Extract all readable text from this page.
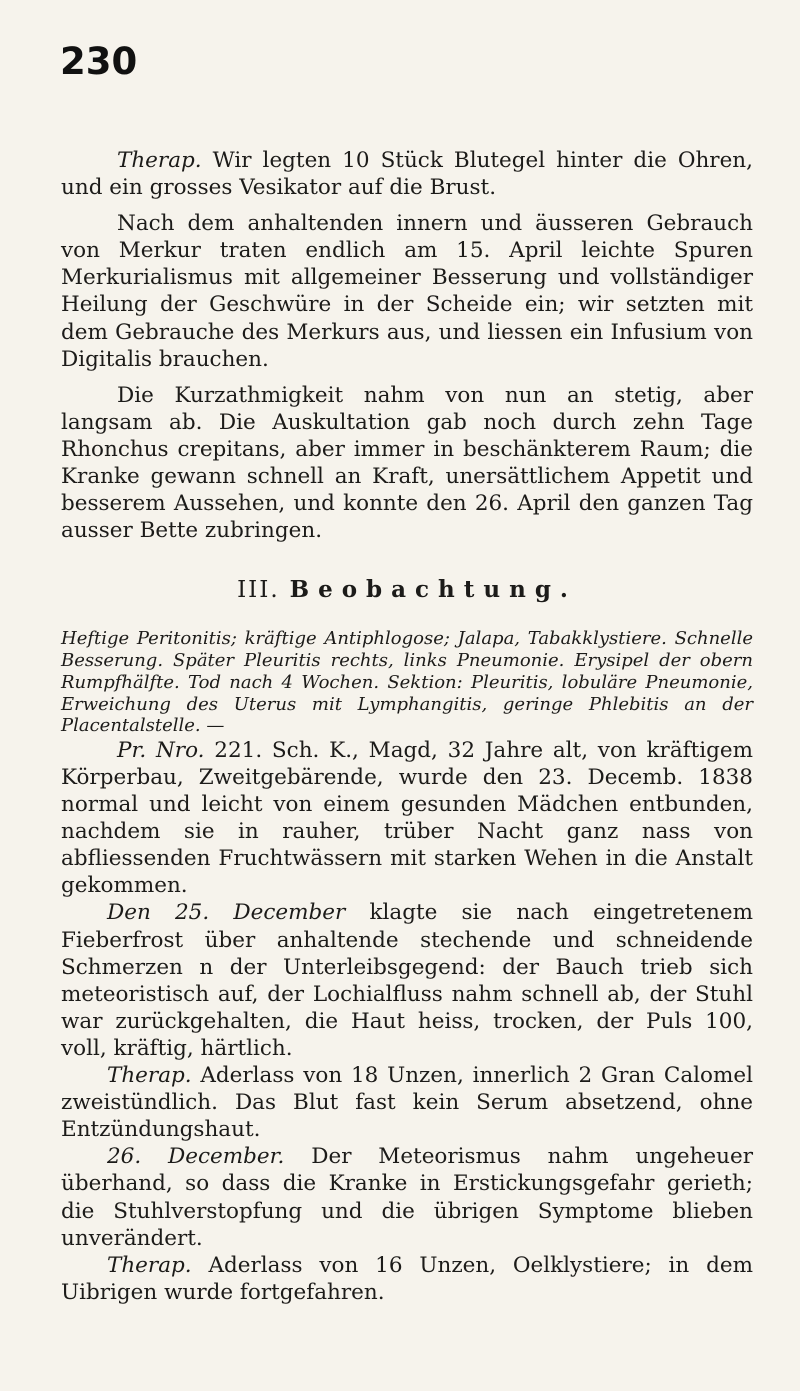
230

Therap. Wir legten 10 Stück Blutegel hinter die Ohren, und ein grosses Vesikator auf die Brust.

Nach dem anhaltenden innern und äusseren Gebrauch von Merkur traten endlich am 15. April leichte Spuren Merkurialismus mit allgemeiner Besserung und vollständiger Heilung der Geschwüre in der Scheide ein; wir setzten mit dem Gebrauche des Merkurs aus, und liessen ein Infusium von Digitalis brauchen.

Die Kurzathmigkeit nahm von nun an stetig, aber langsam ab. Die Auskultation gab noch durch zehn Tage Rhonchus crepitans, aber immer in beschänkterem Raum; die Kranke gewann schnell an Kraft, unersättlichem Appetit und besserem Aussehen, und konnte den 26. April den ganzen Tag ausser Bette zubringen.

III. Beobachtung.

Heftige Peritonitis; kräftige Antiphlogose; Jalapa, Tabakklystiere. Schnelle Besserung. Später Pleuritis rechts, links Pneumonie. Erysipel der obern Rumpfhälfte. Tod nach 4 Wochen. Sektion: Pleuritis, lobuläre Pneumonie, Erweichung des Uterus mit Lymphangitis, geringe Phlebitis an der Placentalstelle. —

Pr. Nro. 221. Sch. K., Magd, 32 Jahre alt, von kräftigem Körperbau, Zweitgebärende, wurde den 23. Decemb. 1838 normal und leicht von einem gesunden Mädchen entbunden, nachdem sie in rauher, trüber Nacht ganz nass von abfliessenden Fruchtwässern mit starken Wehen in die Anstalt gekommen.

Den 25. December klagte sie nach eingetretenem Fieberfrost über anhaltende stechende und schneidende Schmerzen n der Unterleibsgegend: der Bauch trieb sich meteoristisch auf, der Lochialfluss nahm schnell ab, der Stuhl war zurückgehalten, die Haut heiss, trocken, der Puls 100, voll, kräftig, härtlich.

Therap. Aderlass von 18 Unzen, innerlich 2 Gran Calomel zweistündlich. Das Blut fast kein Serum absetzend, ohne Entzündungshaut.

26. December. Der Meteorismus nahm ungeheuer überhand, so dass die Kranke in Erstickungsgefahr gerieth; die Stuhlverstopfung und die übrigen Symptome blieben unverändert.

Therap. Aderlass von 16 Unzen, Oelklystiere; in dem Uibrigen wurde fortgefahren.
